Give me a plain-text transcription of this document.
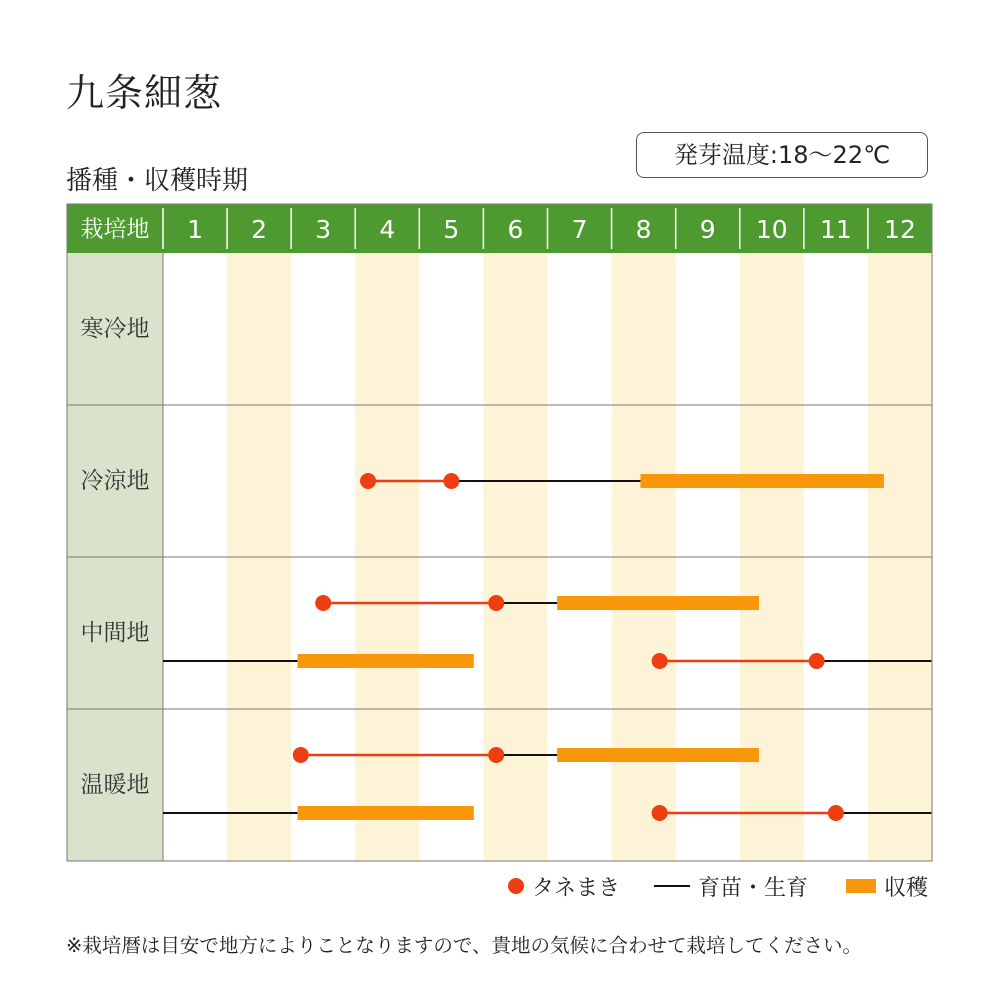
九条細葱
播種・収穫時期
発芽温度:18〜22℃
栽培地 1 2 3 4 5 6 7 8 9 10 11 12
寒冷地
冷涼地
中間地
温暖地
タネまき	育苗・生育	収穫
※栽培暦は目安で地方によりことなりますので、貴地の気候に合わせて栽培してください。
